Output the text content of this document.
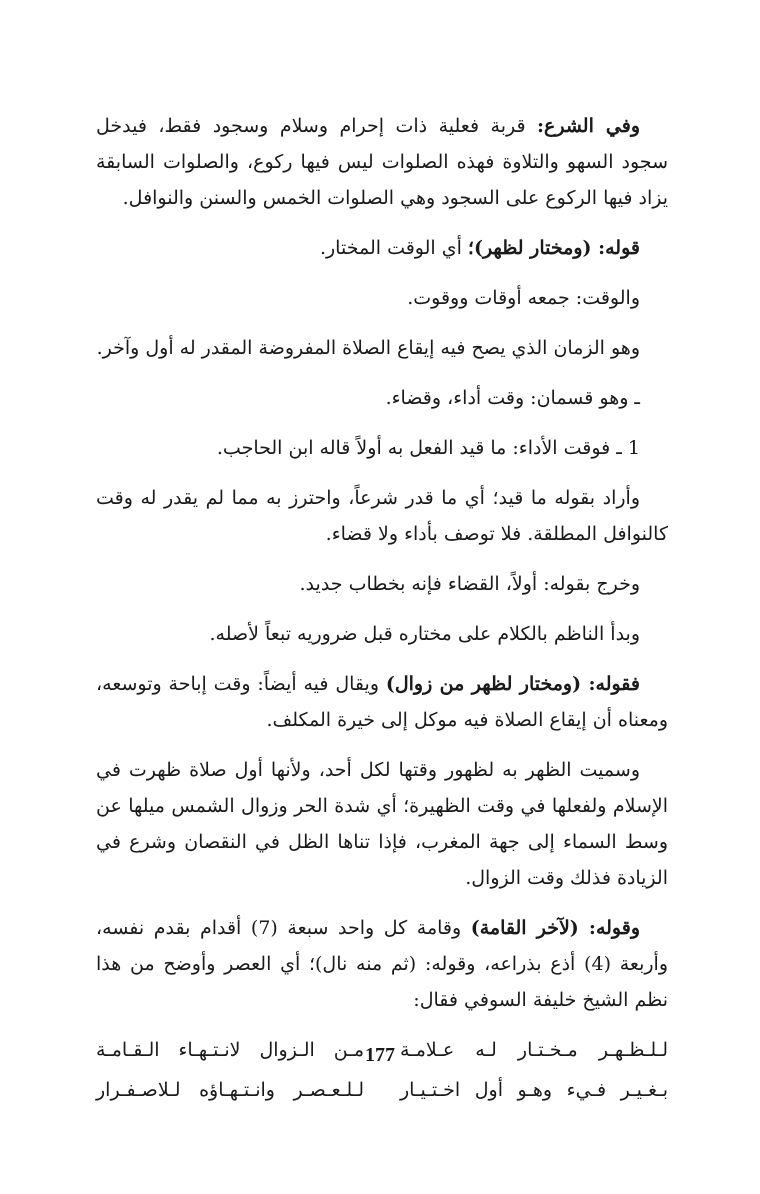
وفي الشرع: قربة فعلية ذات إحرام وسلام وسجود فقط، فيدخل سجود السهو والتلاوة فهذه الصلوات ليس فيها ركوع، والصلوات السابقة يزاد فيها الركوع على السجود وهي الصلوات الخمس والسنن والنوافل.

قوله: (ومختار لظهر)؛ أي الوقت المختار.

والوقت: جمعه أوقات ووقوت.

وهو الزمان الذي يصح فيه إيقاع الصلاة المفروضة المقدر له أول وآخر.

ـ وهو قسمان: وقت أداء، وقضاء.

1 ـ فوقت الأداء: ما قيد الفعل به أولاً قاله ابن الحاجب.

وأراد بقوله ما قيد؛ أي ما قدر شرعاً، واحترز به مما لم يقدر له وقت كالنوافل المطلقة. فلا توصف بأداء ولا قضاء.

وخرج بقوله: أولاً، القضاء فإنه بخطاب جديد.

وبدأ الناظم بالكلام على مختاره قبل ضروريه تبعاً لأصله.

فقوله: (ومختار لظهر من زوال) ويقال فيه أيضاً: وقت إباحة وتوسعه، ومعناه أن إيقاع الصلاة فيه موكل إلى خيرة المكلف.

وسميت الظهر به لظهور وقتها لكل أحد، ولأنها أول صلاة ظهرت في الإسلام ولفعلها في وقت الظهيرة؛ أي شدة الحر وزوال الشمس ميلها عن وسط السماء إلى جهة المغرب، فإذا تناها الظل في النقصان وشرع في الزيادة فذلك وقت الزوال.

وقوله: (لآخر القامة) وقامة كل واحد سبعة (7) أقدام بقدم نفسه، وأربعة (4) أذع بذراعه، وقوله: (ثم منه نال)؛ أي العصر وأوضح من هذا نظم الشيخ خليفة السوفي فقال:

لـلـظـهـر مـخـتـار لـه عـلامـة
مـن الـزوال لانـتـهـاء الـقـامـة
بـغـيـر فـيء وهـو أول اخـتـيـار
لـلـعـصـر وانـتـهـاؤه لـلاصـفـرار
177
